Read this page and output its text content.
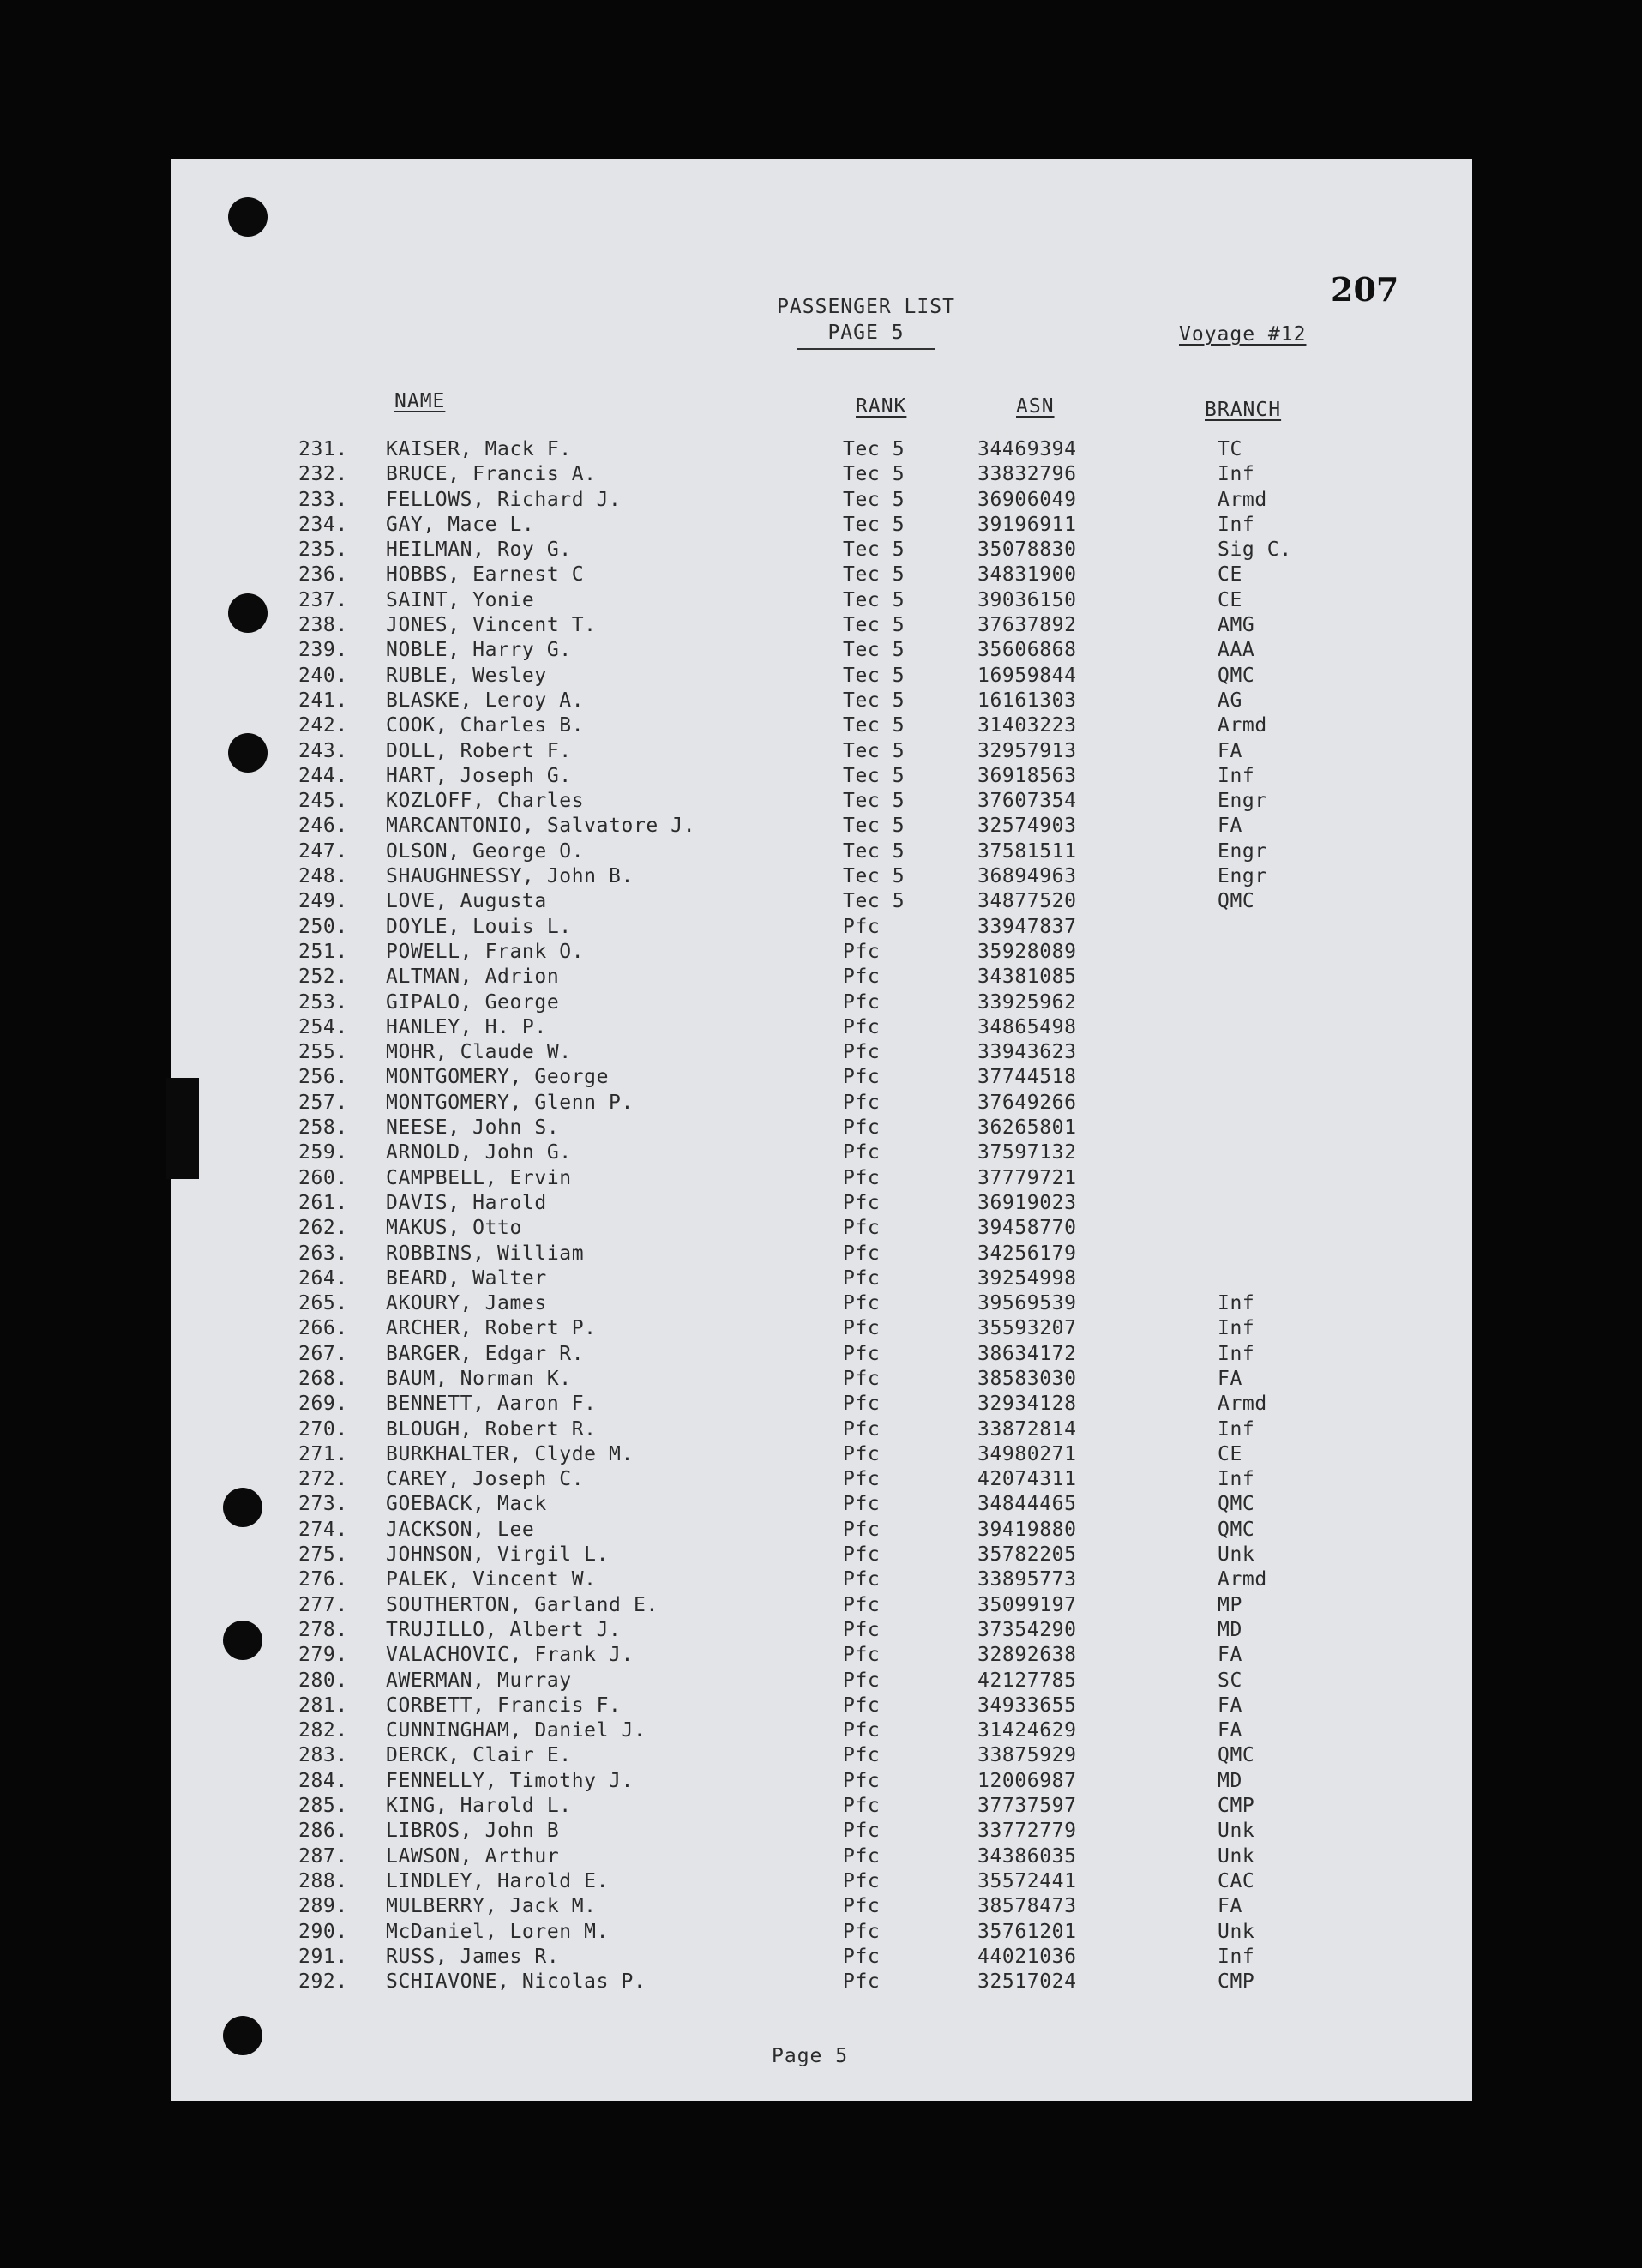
207
PASSENGER LIST
PAGE 5	Voyage #12
NAME	RANK	ASN	BRANCH
231.	KAISER, Mack F.	Tec 5	34469394	TC
232.	BRUCE, Francis A.	Tec 5	33832796	Inf
233.	FELLOWS, Richard J.	Tec 5	36906049	Armd
234.	GAY, Mace L.	Tec 5	39196911	Inf
235.	HEILMAN, Roy G.	Tec 5	35078830	Sig C.
236.	HOBBS, Earnest C	Tec 5	34831900	CE
237.	SAINT, Yonie	Tec 5	39036150	CE
238.	JONES, Vincent T.	Tec 5	37637892	AMG
239.	NOBLE, Harry G.	Tec 5	35606868	AAA
240.	RUBLE, Wesley	Tec 5	16959844	QMC
241.	BLASKE, Leroy A.	Tec 5	16161303	AG
242.	COOK, Charles B.	Tec 5	31403223	Armd
243.	DOLL, Robert F.	Tec 5	32957913	FA
244.	HART, Joseph G.	Tec 5	36918563	Inf
245.	KOZLOFF, Charles	Tec 5	37607354	Engr
246.	MARCANTONIO, Salvatore J.	Tec 5	32574903	FA
247.	OLSON, George O.	Tec 5	37581511	Engr
248.	SHAUGHNESSY, John B.	Tec 5	36894963	Engr
249.	LOVE, Augusta	Tec 5	34877520	QMC
250.	DOYLE, Louis L.	Pfc	33947837
251.	POWELL, Frank O.	Pfc	35928089
252.	ALTMAN, Adrion	Pfc	34381085
253.	GIPALO, George	Pfc	33925962
254.	HANLEY, H. P.	Pfc	34865498
255.	MOHR, Claude W.	Pfc	33943623
256.	MONTGOMERY, George	Pfc	37744518
257.	MONTGOMERY, Glenn P.	Pfc	37649266
258.	NEESE, John S.	Pfc	36265801
259.	ARNOLD, John G.	Pfc	37597132
260.	CAMPBELL, Ervin	Pfc	37779721
261.	DAVIS, Harold	Pfc	36919023
262.	MAKUS, Otto	Pfc	39458770
263.	ROBBINS, William	Pfc	34256179
264.	BEARD, Walter	Pfc	39254998
265.	AKOURY, James	Pfc	39569539	Inf
266.	ARCHER, Robert P.	Pfc	35593207	Inf
267.	BARGER, Edgar R.	Pfc	38634172	Inf
268.	BAUM, Norman K.	Pfc	38583030	FA
269.	BENNETT, Aaron F.	Pfc	32934128	Armd
270.	BLOUGH, Robert R.	Pfc	33872814	Inf
271.	BURKHALTER, Clyde M.	Pfc	34980271	CE
272.	CAREY, Joseph C.	Pfc	42074311	Inf
273.	GOEBACK, Mack	Pfc	34844465	QMC
274.	JACKSON, Lee	Pfc	39419880	QMC
275.	JOHNSON, Virgil L.	Pfc	35782205	Unk
276.	PALEK, Vincent W.	Pfc	33895773	Armd
277.	SOUTHERTON, Garland E.	Pfc	35099197	MP
278.	TRUJILLO, Albert J.	Pfc	37354290	MD
279.	VALACHOVIC, Frank J.	Pfc	32892638	FA
280.	AWERMAN, Murray	Pfc	42127785	SC
281.	CORBETT, Francis F.	Pfc	34933655	FA
282.	CUNNINGHAM, Daniel J.	Pfc	31424629	FA
283.	DERCK, Clair E.	Pfc	33875929	QMC
284.	FENNELLY, Timothy J.	Pfc	12006987	MD
285.	KING, Harold L.	Pfc	37737597	CMP
286.	LIBROS, John B	Pfc	33772779	Unk
287.	LAWSON, Arthur	Pfc	34386035	Unk
288.	LINDLEY, Harold E.	Pfc	35572441	CAC
289.	MULBERRY, Jack M.	Pfc	38578473	FA
290.	McDaniel, Loren M.	Pfc	35761201	Unk
291.	RUSS, James R.	Pfc	44021036	Inf
292.	SCHIAVONE, Nicolas P.	Pfc	32517024	CMP
Page 5
